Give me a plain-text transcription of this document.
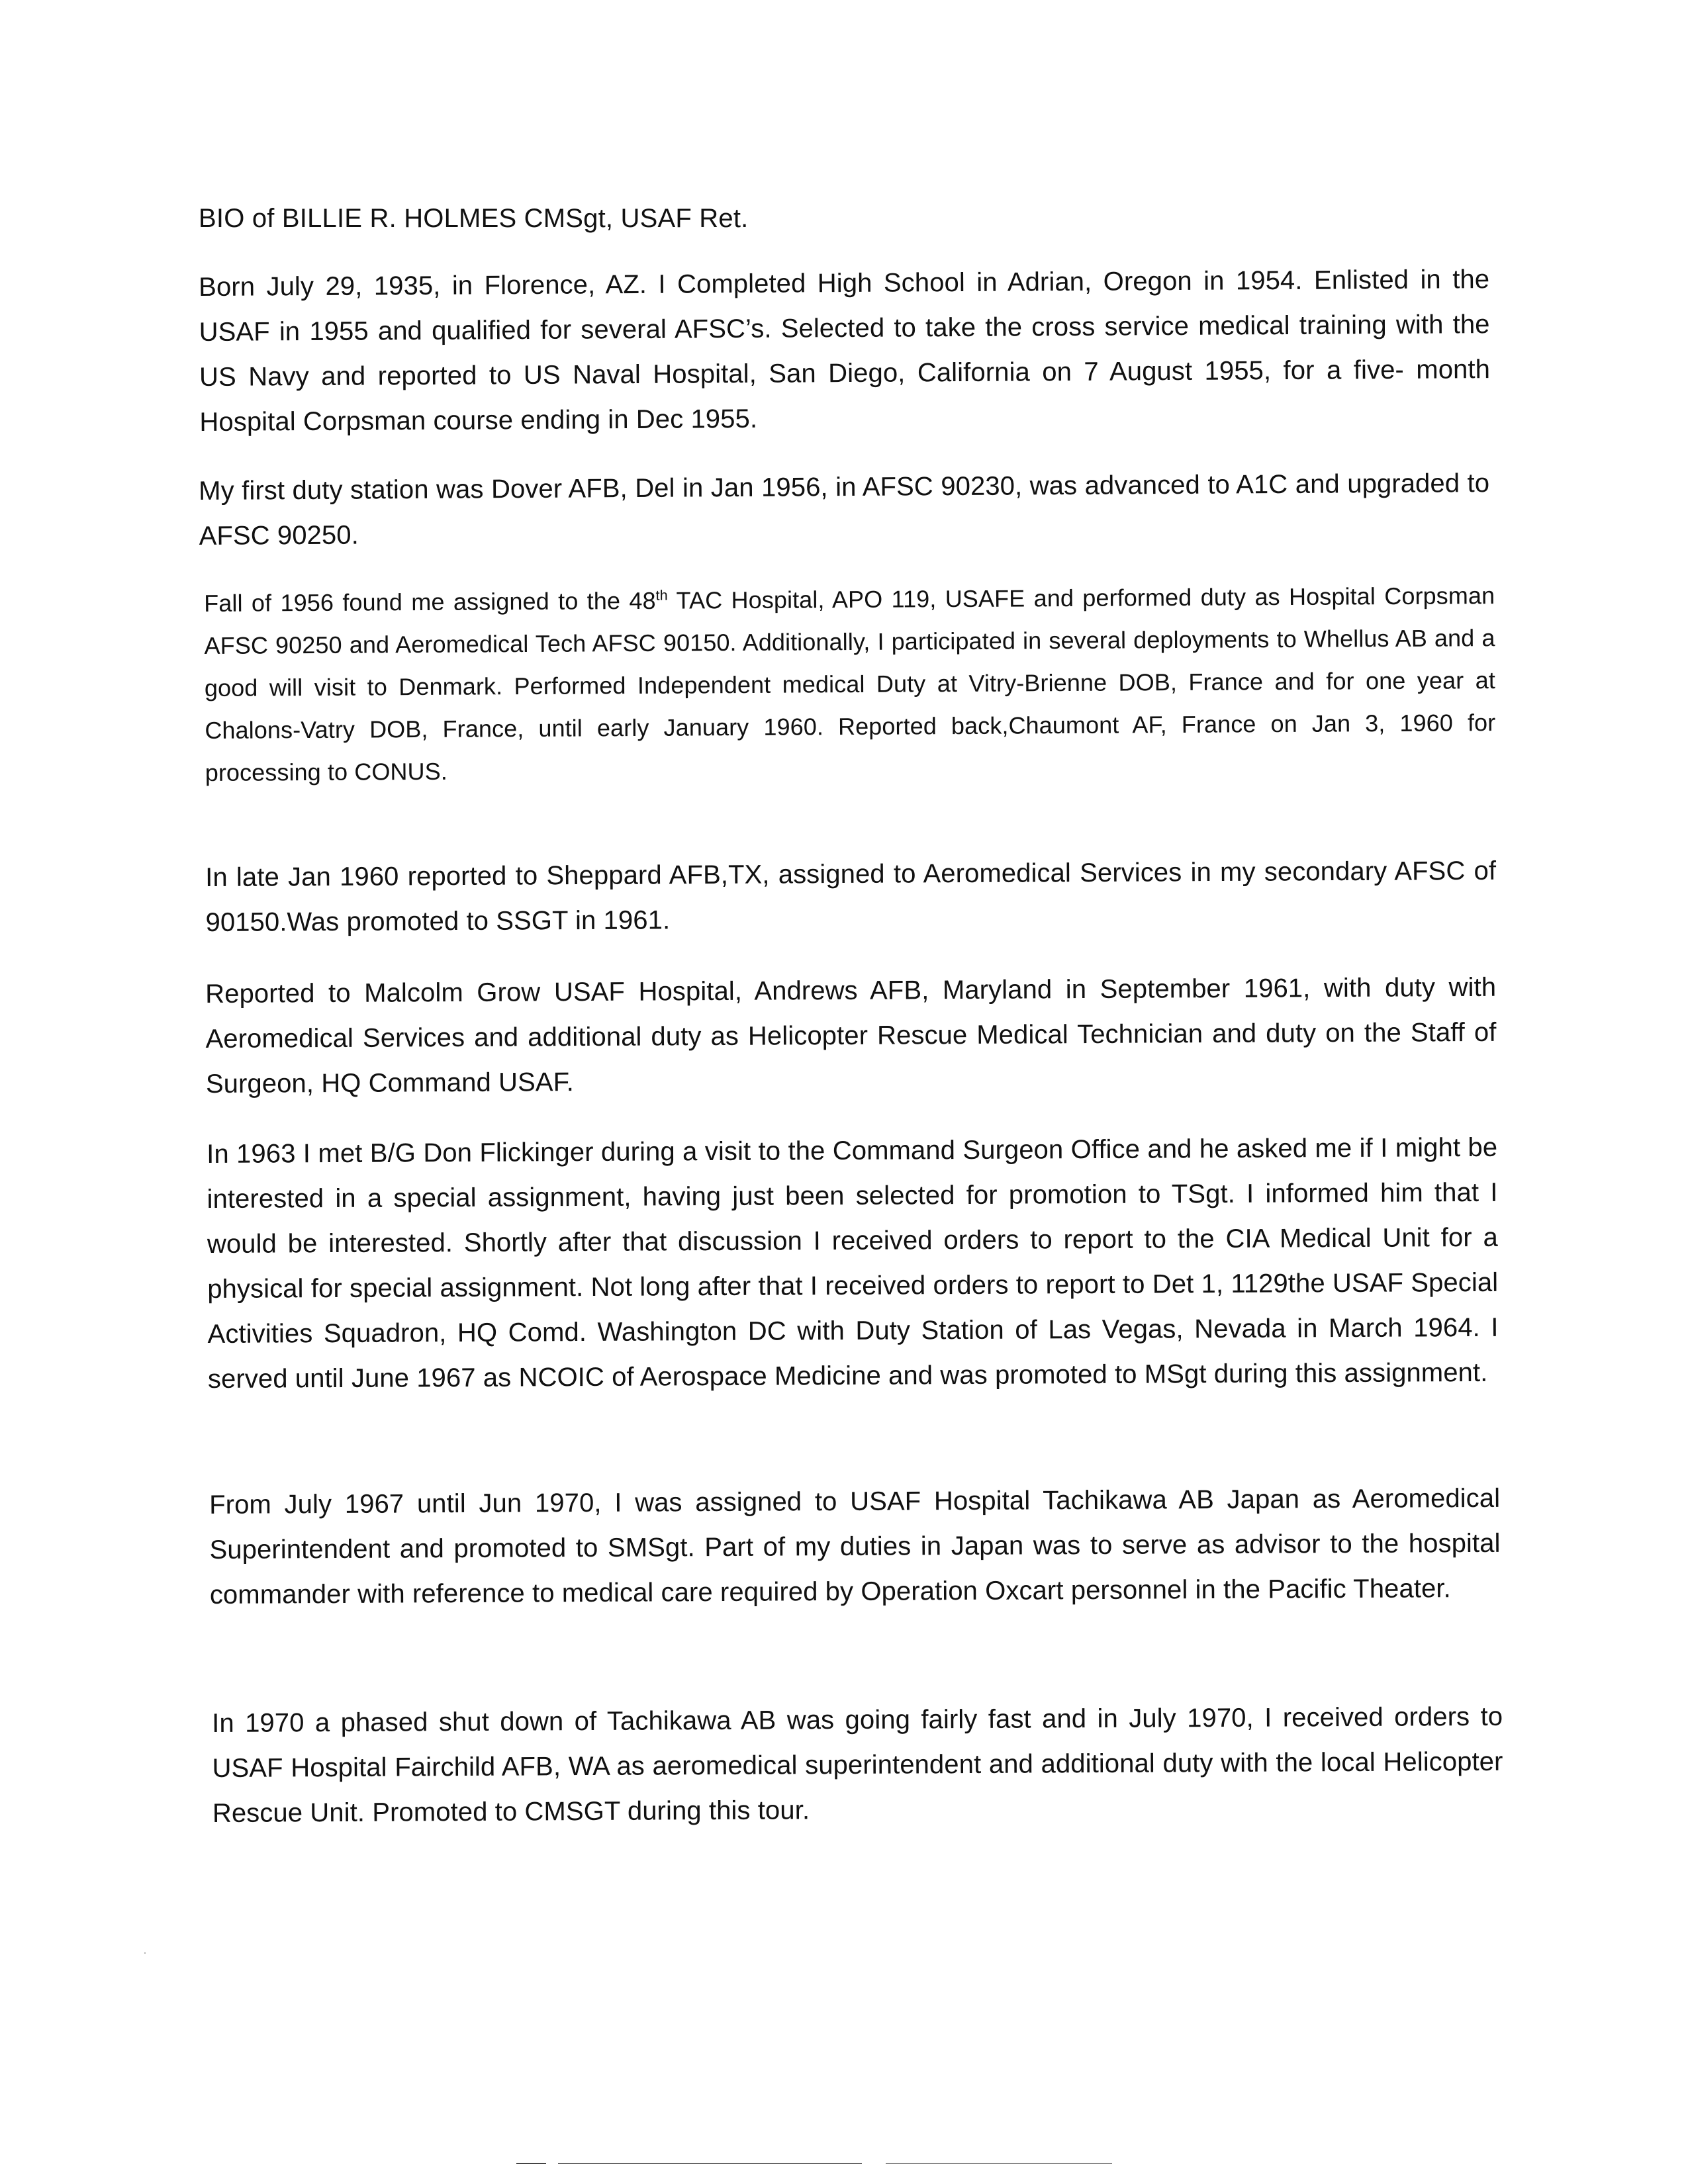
BIO of BILLIE R. HOLMES CMSgt, USAF Ret.

Born July 29, 1935, in Florence, AZ. I Completed High School in Adrian, Oregon in 1954. Enlisted in the USAF in 1955 and qualified for several AFSC’s. Selected to take the cross service medical training with the US Navy and reported to US Naval Hospital, San Diego, California on 7 August 1955, for a five- month Hospital Corpsman course ending in Dec 1955.

My first duty station was Dover AFB, Del in Jan 1956, in AFSC 90230, was advanced to A1C and upgraded to AFSC 90250.

Fall of 1956 found me assigned to the 48th TAC Hospital, APO 119, USAFE and performed duty as Hospital Corpsman AFSC 90250 and Aeromedical Tech AFSC 90150. Additionally, I participated in several deployments to Whellus AB and a good will visit to Denmark. Performed Independent medical Duty at Vitry-Brienne DOB, France and for one year at Chalons-Vatry DOB, France, until early January 1960. Reported back,Chaumont AF, France on Jan 3, 1960 for processing to CONUS.

In late Jan 1960 reported to Sheppard AFB,TX, assigned to Aeromedical Services in my secondary AFSC of 90150.Was promoted to SSGT in 1961.

Reported to Malcolm Grow USAF Hospital, Andrews AFB, Maryland in September 1961, with duty with Aeromedical Services and additional duty as Helicopter Rescue Medical Technician and duty on the Staff of Surgeon, HQ Command USAF.

In 1963 I met B/G Don Flickinger during a visit to the Command Surgeon Office and he asked me if I might be interested in a special assignment, having just been selected for promotion to TSgt. I informed him that I would be interested. Shortly after that discussion I received orders to report to the CIA Medical Unit for a physical for special assignment. Not long after that I received orders to report to Det 1, 1129the USAF Special Activities Squadron, HQ Comd. Washington DC with Duty Station of Las Vegas, Nevada in March 1964. I served until June 1967 as NCOIC of Aerospace Medicine and was promoted to MSgt during this assignment.

From July 1967 until Jun 1970, I was assigned to USAF Hospital Tachikawa AB Japan as Aeromedical Superintendent and promoted to SMSgt. Part of my duties in Japan was to serve as advisor to the hospital commander with reference to medical care required by Operation Oxcart personnel in the Pacific Theater.

In 1970 a phased shut down of Tachikawa AB was going fairly fast and in July 1970, I received orders to USAF Hospital Fairchild AFB, WA as aeromedical superintendent and additional duty with the local Helicopter Rescue Unit. Promoted to CMSGT during this tour.
